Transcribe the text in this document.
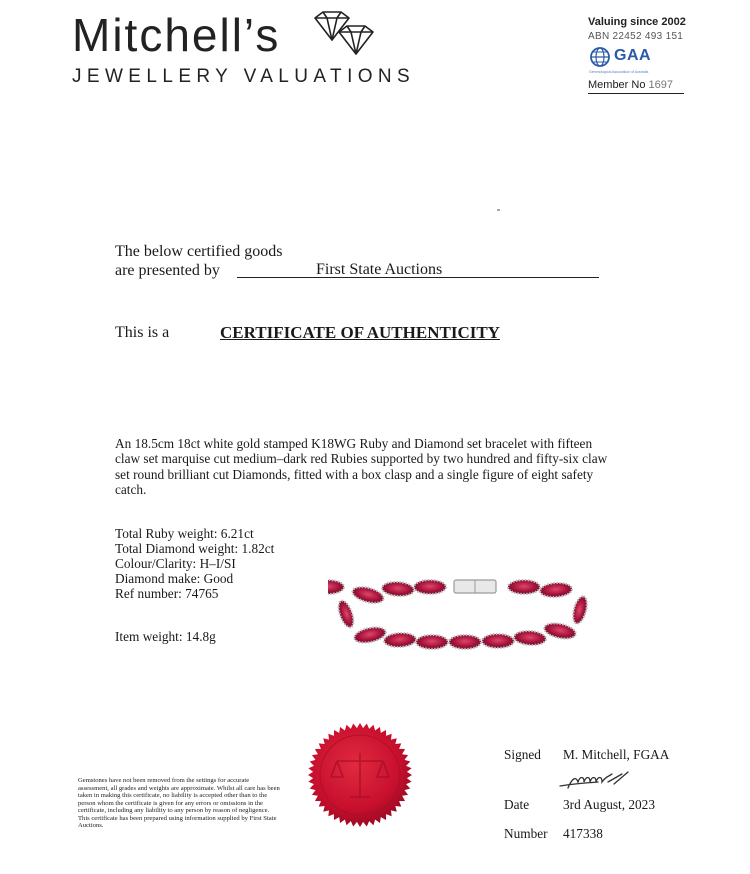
Mitchell’s
JEWELLERY VALUATIONS
Valuing since 2002
ABN 22452 493 151
GAA
Gemmological Association of Australia
Member No 1697
The below certified goods
are presented by	First State Auctions
This is a	CERTIFICATE OF AUTHENTICITY
An 18.5cm 18ct white gold stamped K18WG Ruby and Diamond set bracelet with fifteen claw set marquise cut medium–dark red Rubies supported by two hundred and fifty-six claw set round brilliant cut Diamonds, fitted with a box clasp and a single figure of eight safety catch.
Total Ruby weight: 6.21ct
Total Diamond weight: 1.82ct
Colour/Clarity: H–I/SI
Diamond make: Good
Ref number: 74765
Item weight: 14.8g
Gemstones have not been removed from the settings for accurate assessment, all grades and weights are approximate. Whilst all care has been taken in making this certificate, no liability is accepted other than to the person whom the certificate is given for any errors or omissions in the certificate, including any liability to any person by reason of negligence. This certificate has been prepared using information supplied by First State Auctions.
Signed M. Mitchell, FGAA
Date	3rd August, 2023
Number 417338
